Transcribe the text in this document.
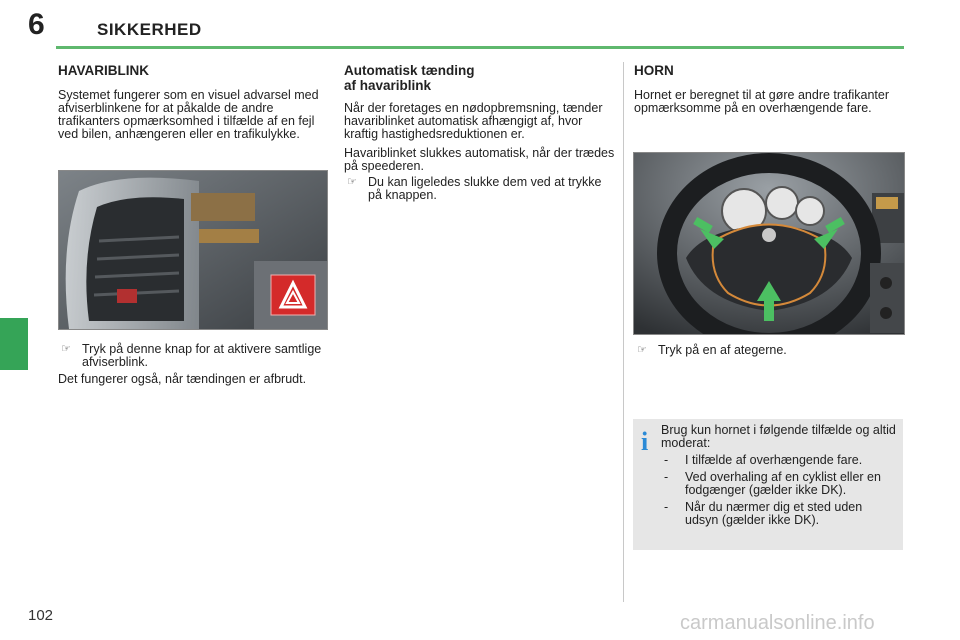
6	SIKKERHED
HAVARIBLINK

Systemet fungerer som en visuel advarsel med afviserblinkene for at påkalde de andre trafikanters opmærksomhed i tilfælde af en fejl ved bilen, anhængeren eller en trafikulykke.

☞ Tryk på denne knap for at aktivere samtlige afviserblink.

Det fungerer også, når tændingen er afbrudt.

Automatisk tænding
af havariblink

Når der foretages en nødopbremsning, tænder havariblinket automatisk afhængigt af, hvor kraftig hastighedsreduktionen er.

Havariblinket slukkes automatisk, når der trædes på speederen.

☞ Du kan ligeledes slukke dem ved at trykke på knappen.
HORN

Hornet er beregnet til at gøre andre trafikanter opmærksomme på en overhængende fare.

☞ Tryk på en af ategerne.
i Brug kun hornet i følgende tilfælde og altid moderat:

- I tilfælde af overhængende fare.
- Ved overhaling af en cyklist eller en fodgænger (gælder ikke DK).
- Når du nærmer dig et sted uden udsyn (gælder ikke DK).
102	carmanualsonline.info
